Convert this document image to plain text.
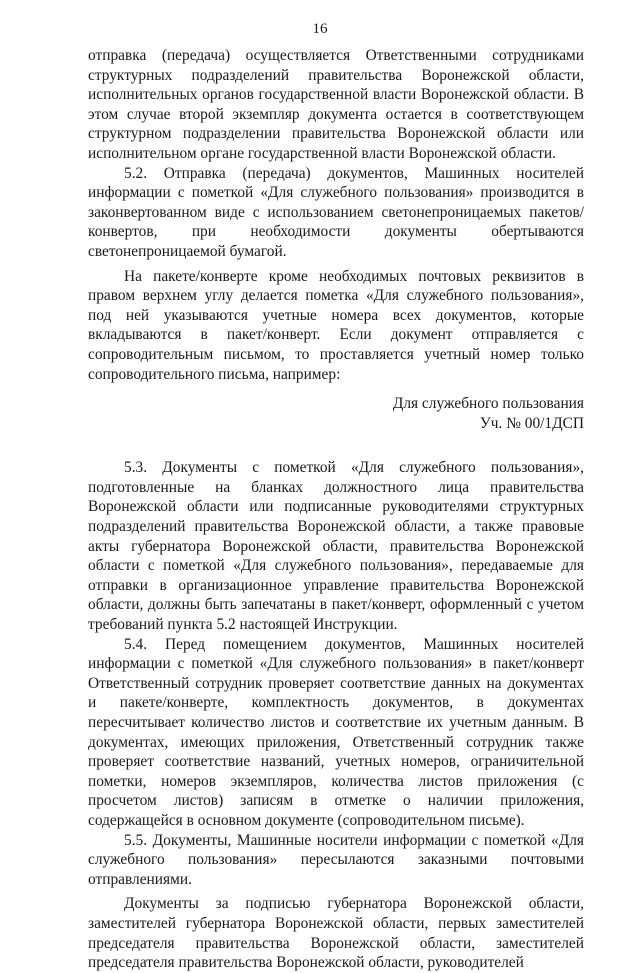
16

отправка (передача) осуществляется Ответственными сотрудниками структурных подразделений правительства Воронежской области, исполнительных органов государственной власти Воронежской области. В этом случае второй экземпляр документа остается в соответствующем структурном подразделении правительства Воронежской области или исполнительном органе государственной власти Воронежской области.

5.2. Отправка (передача) документов, Машинных носителей информации с пометкой «Для служебного пользования» производится в законвертованном виде с использованием светонепроницаемых пакетов/конвертов, при необходимости документы обертываются светонепроницаемой бумагой.

На пакете/конверте кроме необходимых почтовых реквизитов в правом верхнем углу делается пометка «Для служебного пользования», под ней указываются учетные номера всех документов, которые вкладываются в пакет/конверт. Если документ отправляется с сопроводительным письмом, то проставляется учетный номер только сопроводительного письма, например:

Для служебного пользования
Уч. № 00/1ДСП

5.3. Документы с пометкой «Для служебного пользования», подготовленные на бланках должностного лица правительства Воронежской области или подписанные руководителями структурных подразделений правительства Воронежской области, а также правовые акты губернатора Воронежской области, правительства Воронежской области с пометкой «Для служебного пользования», передаваемые для отправки в организационное управление правительства Воронежской области, должны быть запечатаны в пакет/конверт, оформленный с учетом требований пункта 5.2 настоящей Инструкции.

5.4. Перед помещением документов, Машинных носителей информации с пометкой «Для служебного пользования» в пакет/конверт Ответственный сотрудник проверяет соответствие данных на документах и пакете/конверте, комплектность документов, в документах пересчитывает количество листов и соответствие их учетным данным. В документах, имеющих приложения, Ответственный сотрудник также проверяет соответствие названий, учетных номеров, ограничительной пометки, номеров экземпляров, количества листов приложения (с просчетом листов) записям в отметке о наличии приложения, содержащейся в основном документе (сопроводительном письме).

5.5. Документы, Машинные носители информации с пометкой «Для служебного пользования» пересылаются заказными почтовыми отправлениями.

Документы за подписью губернатора Воронежской области, заместителей губернатора Воронежской области, первых заместителей председателя правительства Воронежской области, заместителей председателя правительства Воронежской области, руководителей
